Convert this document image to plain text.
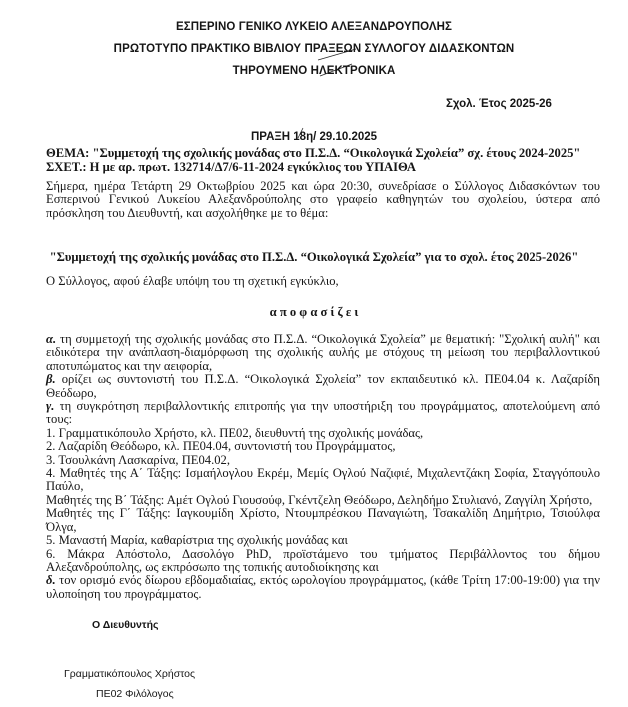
ΕΣΠΕΡΙΝΟ ΓΕΝΙΚΟ ΛΥΚΕΙΟ ΑΛΕΞΑΝΔΡΟΥΠΟΛΗΣ
ΠΡΩΤΟΤΥΠΟ ΠΡΑΚΤΙΚΟ ΒΙΒΛΙΟΥ ΠΡΑΞΕΩΝ ΣΥΛΛΟΓΟΥ ΔΙΔΑΣΚΟΝΤΩΝ
ΤΗΡΟΥΜΕΝΟ ΗΛΕΚΤΡΟΝΙΚΑ
Σχολ. Έτος 2025-26
ΠΡΑΞΗ 18η/ 29.10.2025
ΘΕΜΑ: "Συμμετοχή της σχολικής μονάδας στο Π.Σ.Δ. “Οικολογικά Σχολεία” σχ. έτους 2024-2025"
ΣΧΕΤ.: Η με αρ. πρωτ. 132714/Δ7/6-11-2024 εγκύκλιος του ΥΠΑΙΘΑ
Σήμερα, ημέρα Τετάρτη 29 Οκτωβρίου 2025 και ώρα 20:30, συνεδρίασε ο Σύλλογος Διδασκόντων του Εσπερινού Γενικού Λυκείου Αλεξανδρούπολης στο γραφείο καθηγητών του σχολείου, ύστερα από πρόσκληση του Διευθυντή, και ασχολήθηκε με το θέμα:
"Συμμετοχή της σχολικής μονάδας στο Π.Σ.Δ. “Οικολογικά Σχολεία” για το σχολ. έτος 2025-2026"
Ο Σύλλογος, αφού έλαβε υπόψη του τη σχετική εγκύκλιο,
α π ο φ α σ ί ζ ε ι

α. τη συμμετοχή της σχολικής μονάδας στο Π.Σ.Δ. “Οικολογικά Σχολεία” με θεματική: "Σχολική αυλή" και ειδικότερα την ανάπλαση-διαμόρφωση της σχολικής αυλής με στόχους τη μείωση του περιβαλλοντικού αποτυπώματος και την αειφορία,

β. ορίζει ως συντονιστή του Π.Σ.Δ. “Οικολογικά Σχολεία” τον εκπαιδευτικό κλ. ΠΕ04.04 κ. Λαζαρίδη Θεόδωρο,

γ. τη συγκρότηση περιβαλλοντικής επιτροπής για την υποστήριξη του προγράμματος, αποτελούμενη από τους:

1. Γραμματικόπουλο Χρήστο, κλ. ΠΕ02, διευθυντή της σχολικής μονάδας,

2. Λαζαρίδη Θεόδωρο, κλ. ΠΕ04.04, συντονιστή του Προγράμματος,

3. Τσουλκάνη Λασκαρίνα, ΠΕ04.02,

4. Μαθητές της Α΄ Τάξης: Ισμαήλογλου Εκρέμ, Μεμίς Ογλού Ναζιφιέ, Μιχαλεντζάκη Σοφία, Σταγγόπουλο Παύλο,

Μαθητές της Β΄ Τάξης: Αμέτ Ογλού Γιουσούφ, Γκέντζελη Θεόδωρο, Δεληδήμο Στυλιανό, Ζαγγίλη Χρήστο,

Μαθητές της Γ΄ Τάξης: Ιαγκουμίδη Χρίστο, Ντουμπρέσκου Παναγιώτη, Τσακαλίδη Δημήτριο, Τσιούλφα Όλγα,

5. Μαναστή Μαρία, καθαρίστρια της σχολικής μονάδας και

6. Μάκρα Απόστολο, Δασολόγο PhD, προϊστάμενο του τμήματος Περιβάλλοντος του δήμου Αλεξανδρούπολης, ως εκπρόσωπο της τοπικής αυτοδιοίκησης και

δ. τον ορισμό ενός δίωρου εβδομαδιαίας, εκτός ωρολογίου προγράμματος, (κάθε Τρίτη 17:00-19:00) για την υλοποίηση του προγράμματος.

Ο Διευθυντής
Γραμματικόπουλος Χρήστος
ΠΕ02 Φιλόλογος
